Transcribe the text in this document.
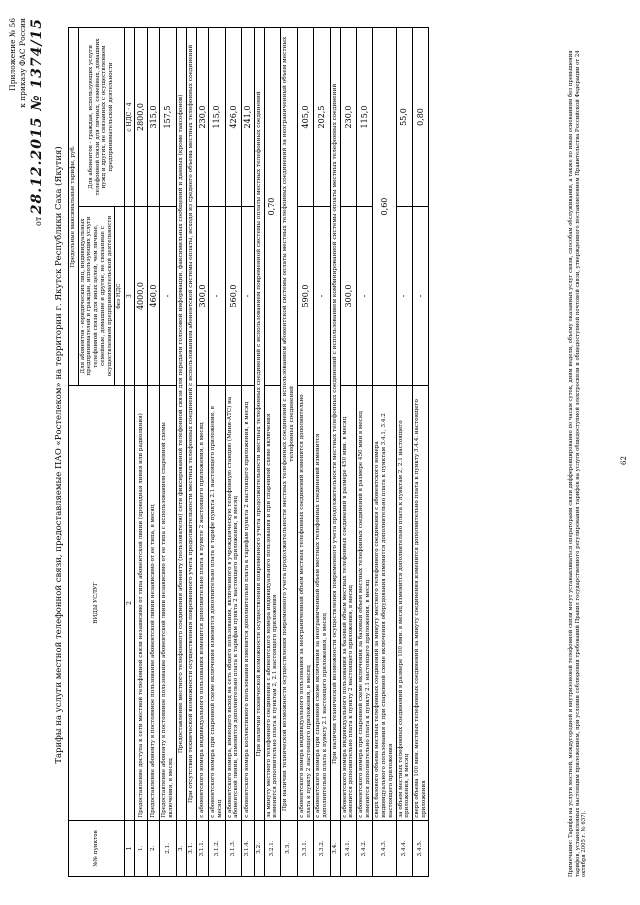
Приложение № 56 к приказу ФАС России
от 28.12.2015 № 1374/15
Тарифы на услуги местной телефонной связи, предоставляемые ПАО «Ростелеком» на территории г. Якутск Республики Саха (Якутия)
№№ пунктов	ВИДЫ УСЛУГ	Предельные максимальные тарифы, руб.	
		Для абонентов - юридических лиц, индивидуальных предпринимателей и граждан, использующих услуги телефонной связи для иных целей, чем личные, семейные, домашние и другие, не связанные с осуществлением предпринимательской деятельности	Для абонентов - граждан, использующих услуги телефонной связи для личных, семейных, домашних нужд и других, не связанных с осуществлением предпринимательской деятельности

		без НДС	
1	2	3	с НДС · 4
1.	Предоставление доступа к сети местной телефонной связи независимо от типа абонентской линии (проводная линия или радиолиния)	4000,0	2800,0
2.	Предоставление абоненту в постоянное пользование абонентской линии независимо от ее типа, в месяц	460,0	315,0
2.1.	Предоставление абоненту в постоянное пользование абонентской линии независимо от ее типа с использованием спаренной схемы включения, в месяц	-	157,5
3.	Предоставление местного телефонного соединения абоненту (пользователю) сети фиксированной телефонной связи для передачи голосовой информации, факсимильных сообщений и данных (кроме таксофонов)		
3.1.	При отсутствии технической возможности осуществления повременного учета продолжительности местных телефонных соединений с использованием абонентской системы оплаты, исходя из среднего объема местных телефонных соединений		
3.1.1.	с абонентского номера индивидуального пользования изменится дополнительно плата в пункте 2 настоящего приложения, в месяц	300,0	230,0
3.1.2.	с абонентского номера при спаренной схеме включения изменится дополнительно плата в тарифе пункта 2.1 настоящего приложения, в месяц	-	115,0
3.1.3.	с абонентского номера, имеющего выход на сеть общего пользования, включенного в учрежденческую телефонную станцию (Мини-АТС) на абонентской линии, изменится дополнительно плата к тарифам пункта 2 настоящего приложения, в месяц	560,0	426,0
3.1.4.	с абонентского номера коллективного пользования изменится дополнительно плата к тарифам пункта 2 настоящего приложения, в месяц	-	241,0
3.2.	При наличии технической возможности осуществления повременного учета продолжительности местных телефонных соединений с использованием повременной системы оплаты местных телефонных соединений		
3.2.1.	за минуту местного телефонного соединения с абонентского номера индивидуального пользования и при спаренной схеме включения изменится дополнительно плата к пунктам 2, 2.1 настоящего приложения	0,70	
3.3.	При наличии технической возможности осуществления повременного учета продолжительности местных телефонных соединений с использованием абонентской системы оплаты местных телефонных соединений за неограниченный объем местных телефонных соединений		
3.3.1.	с абонентского номера индивидуального пользования за неограниченный объем местных телефонных соединений изменится дополнительно плата к пункту 2 настоящего приложения, в месяц	590,0	405,0
3.3.2.	с абонентского номера при спаренной схеме включения за неограниченный объем местных телефонных соединений изменится дополнительно плата к пункту 2.1 настоящего приложения, в месяц	-	202,5
3.4.	При наличии технической возможности осуществления повременного учета продолжительности местных телефонных соединений с использованием комбинированной системы оплаты местных телефонных соединений		
3.4.1.	с абонентского номера индивидуального пользования за базовый объем местных телефонных соединений в размере 450 мин. в месяц изменится дополнительно плата к пункту 2 настоящего приложения, в месяц	300,0	230,0
3.4.2.	с абонентского номера при спаренной схеме включения за базовый объем местных телефонных соединений в размере 450 мин в месяц изменится дополнительно плата к пункту 2.1 настоящего приложения, в месяц	-	115,0
3.4.3.	сверх базового объема местных телефонных соединений за минуту местного телефонного соединения с абонентского номера индивидуального пользования и при спаренной схеме включения оборудования изменится дополнительно плата к пунктам 3.4.1, 3.4.2 настоящего приложения	0,60	
3.4.4.	за объем местных телефонных соединений в размере 100 мин. в месяц изменится дополнительно плата к пунктам 2, 2.1 настоящего приложения, в месяц	-	55,0
3.4.5.	сверх объема 100 мин. местных телефонных соединений за минуту соединения изменится дополнительно плата к пункту 3.4.4. настоящего приложения	-	0,80
Примечание: Тарифы на услуги местной, междугородной и внутризоновой телефонной связи могут устанавливаться операторами связи дифференцированно по часам суток, дням недели, объему оказанных услуг связи, способам обслуживания, а также по иным основаниям без превышения тарифов, установленных настоящим приложением, при условии соблюдения требований Правил государственного регулирования тарифов на услуги общедоступной электросвязи и общедоступной почтовой связи, утвержденного постановлением Правительства Российской Федерации от 24 октября 2005 г. № 637).
62
